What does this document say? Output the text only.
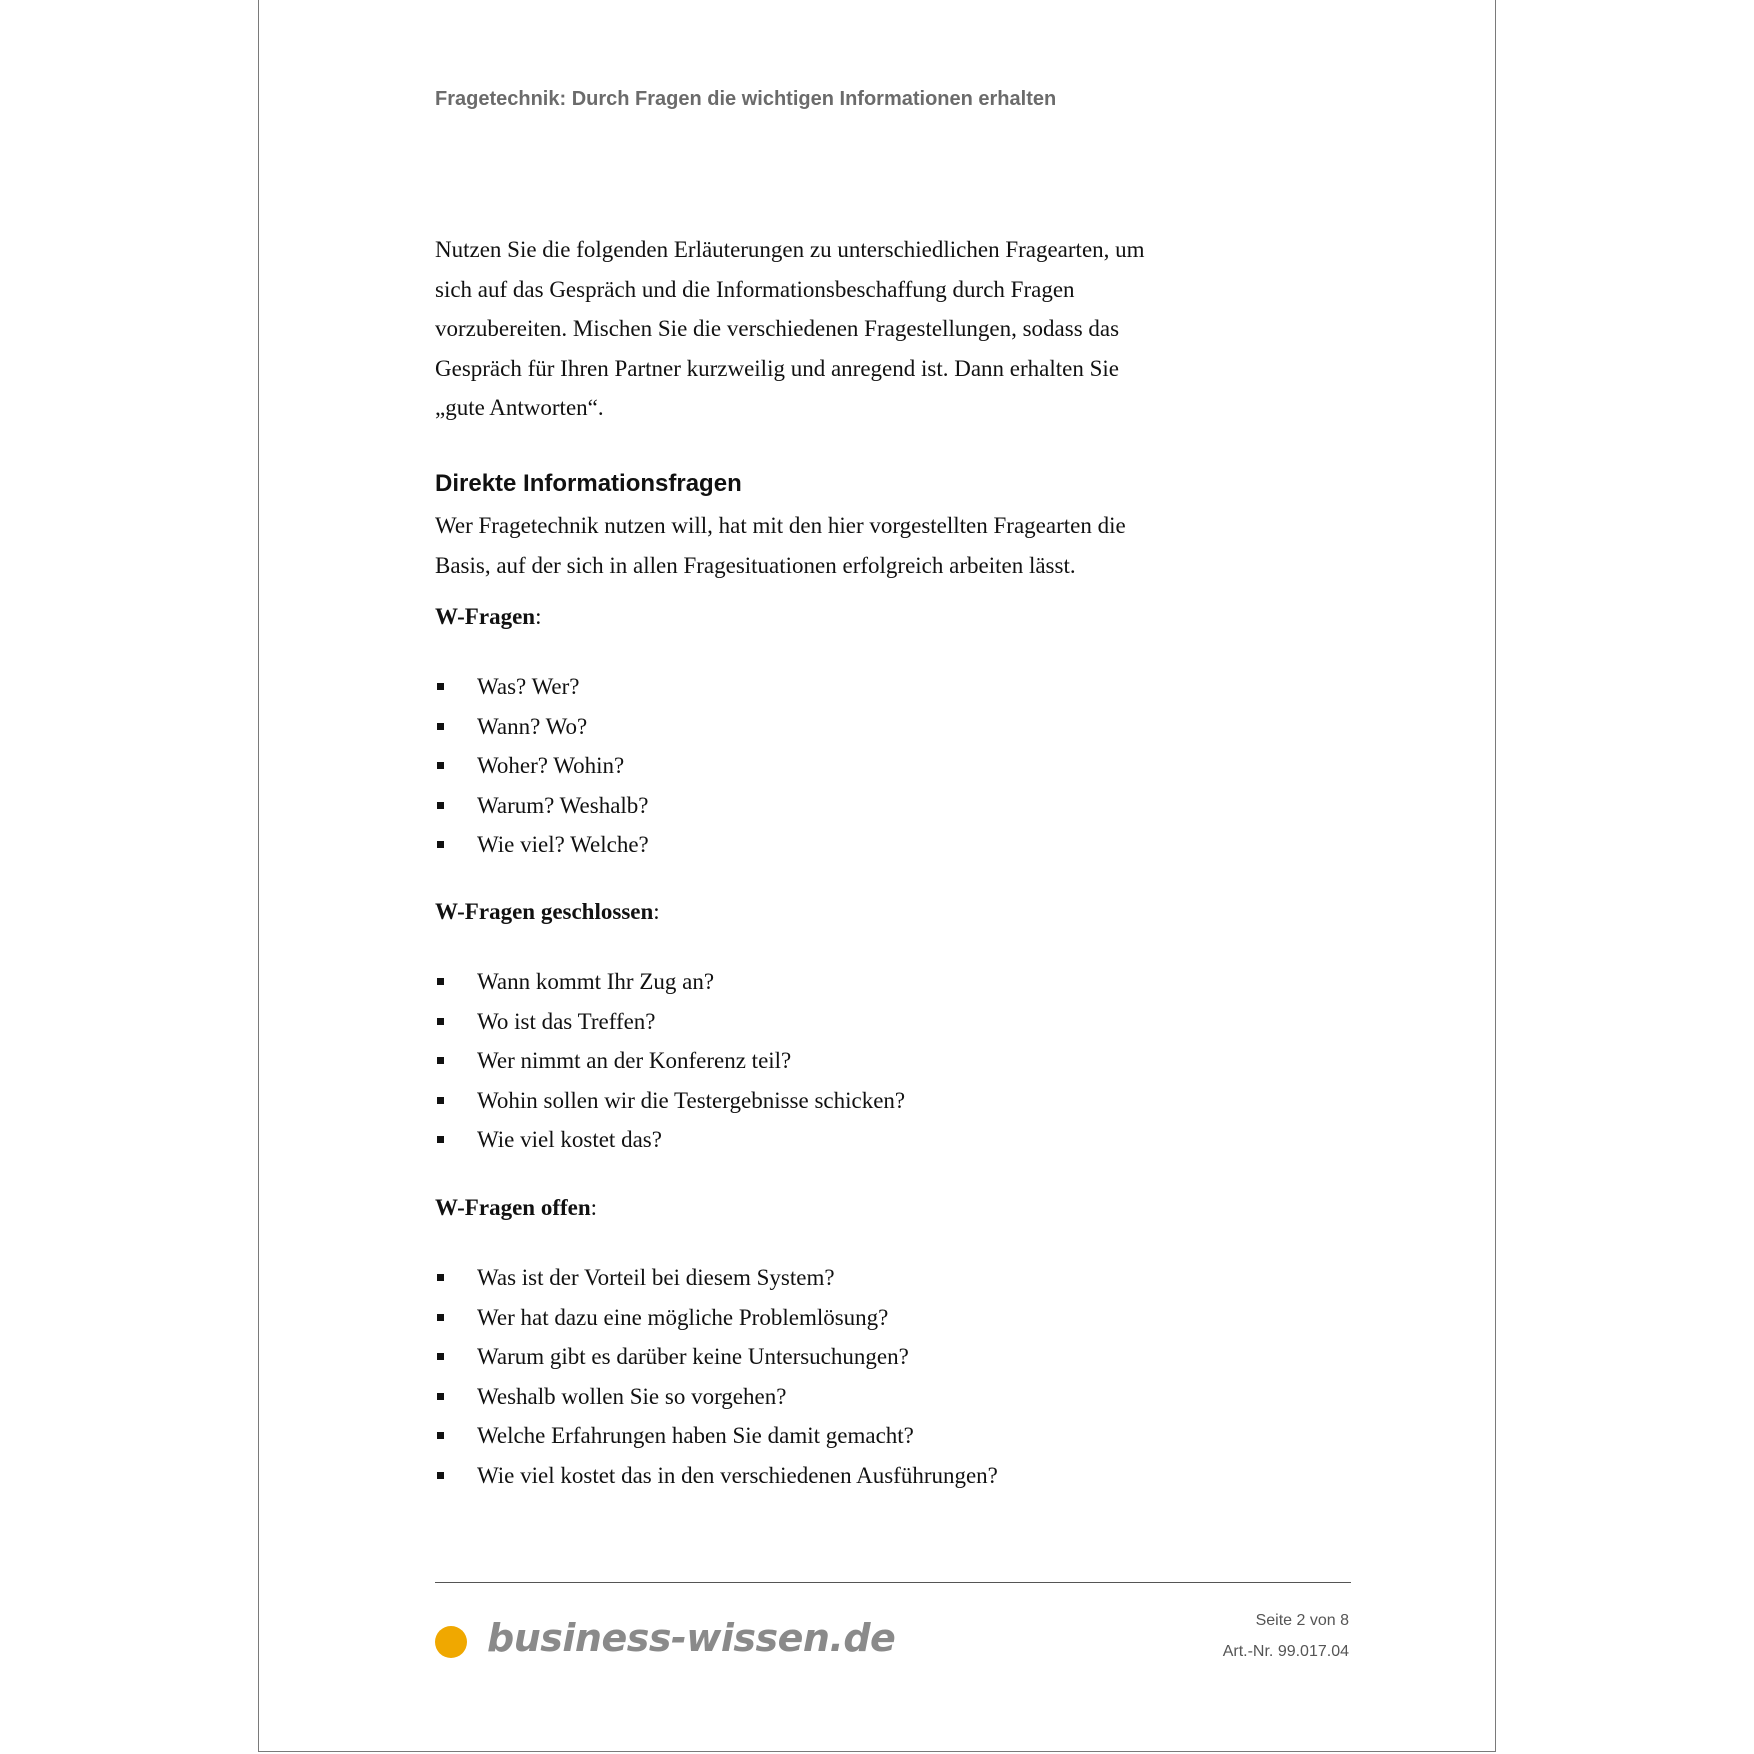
Fragetechnik: Durch Fragen die wichtigen Informationen erhalten
Nutzen Sie die folgenden Erläuterungen zu unterschiedlichen Fragearten, um sich auf das Gespräch und die Informationsbeschaffung durch Fragen vorzubereiten. Mischen Sie die verschiedenen Fragestellungen, sodass das Gespräch für Ihren Partner kurzweilig und anregend ist. Dann erhalten Sie „gute Antworten“.
Direkte Informationsfragen
Wer Fragetechnik nutzen will, hat mit den hier vorgestellten Fragearten die Basis, auf der sich in allen Fragesituationen erfolgreich arbeiten lässt.
W-Fragen:
Was? Wer?
Wann? Wo?
Woher? Wohin?
Warum? Weshalb?
Wie viel? Welche?
W-Fragen geschlossen:
Wann kommt Ihr Zug an?
Wo ist das Treffen?
Wer nimmt an der Konferenz teil?
Wohin sollen wir die Testergebnisse schicken?
Wie viel kostet das?
W-Fragen offen:
Was ist der Vorteil bei diesem System?
Wer hat dazu eine mögliche Problemlösung?
Warum gibt es darüber keine Untersuchungen?
Weshalb wollen Sie so vorgehen?
Welche Erfahrungen haben Sie damit gemacht?
Wie viel kostet das in den verschiedenen Ausführungen?
business-wissen.de	Seite 2 von 8
Art.-Nr. 99.017.04
